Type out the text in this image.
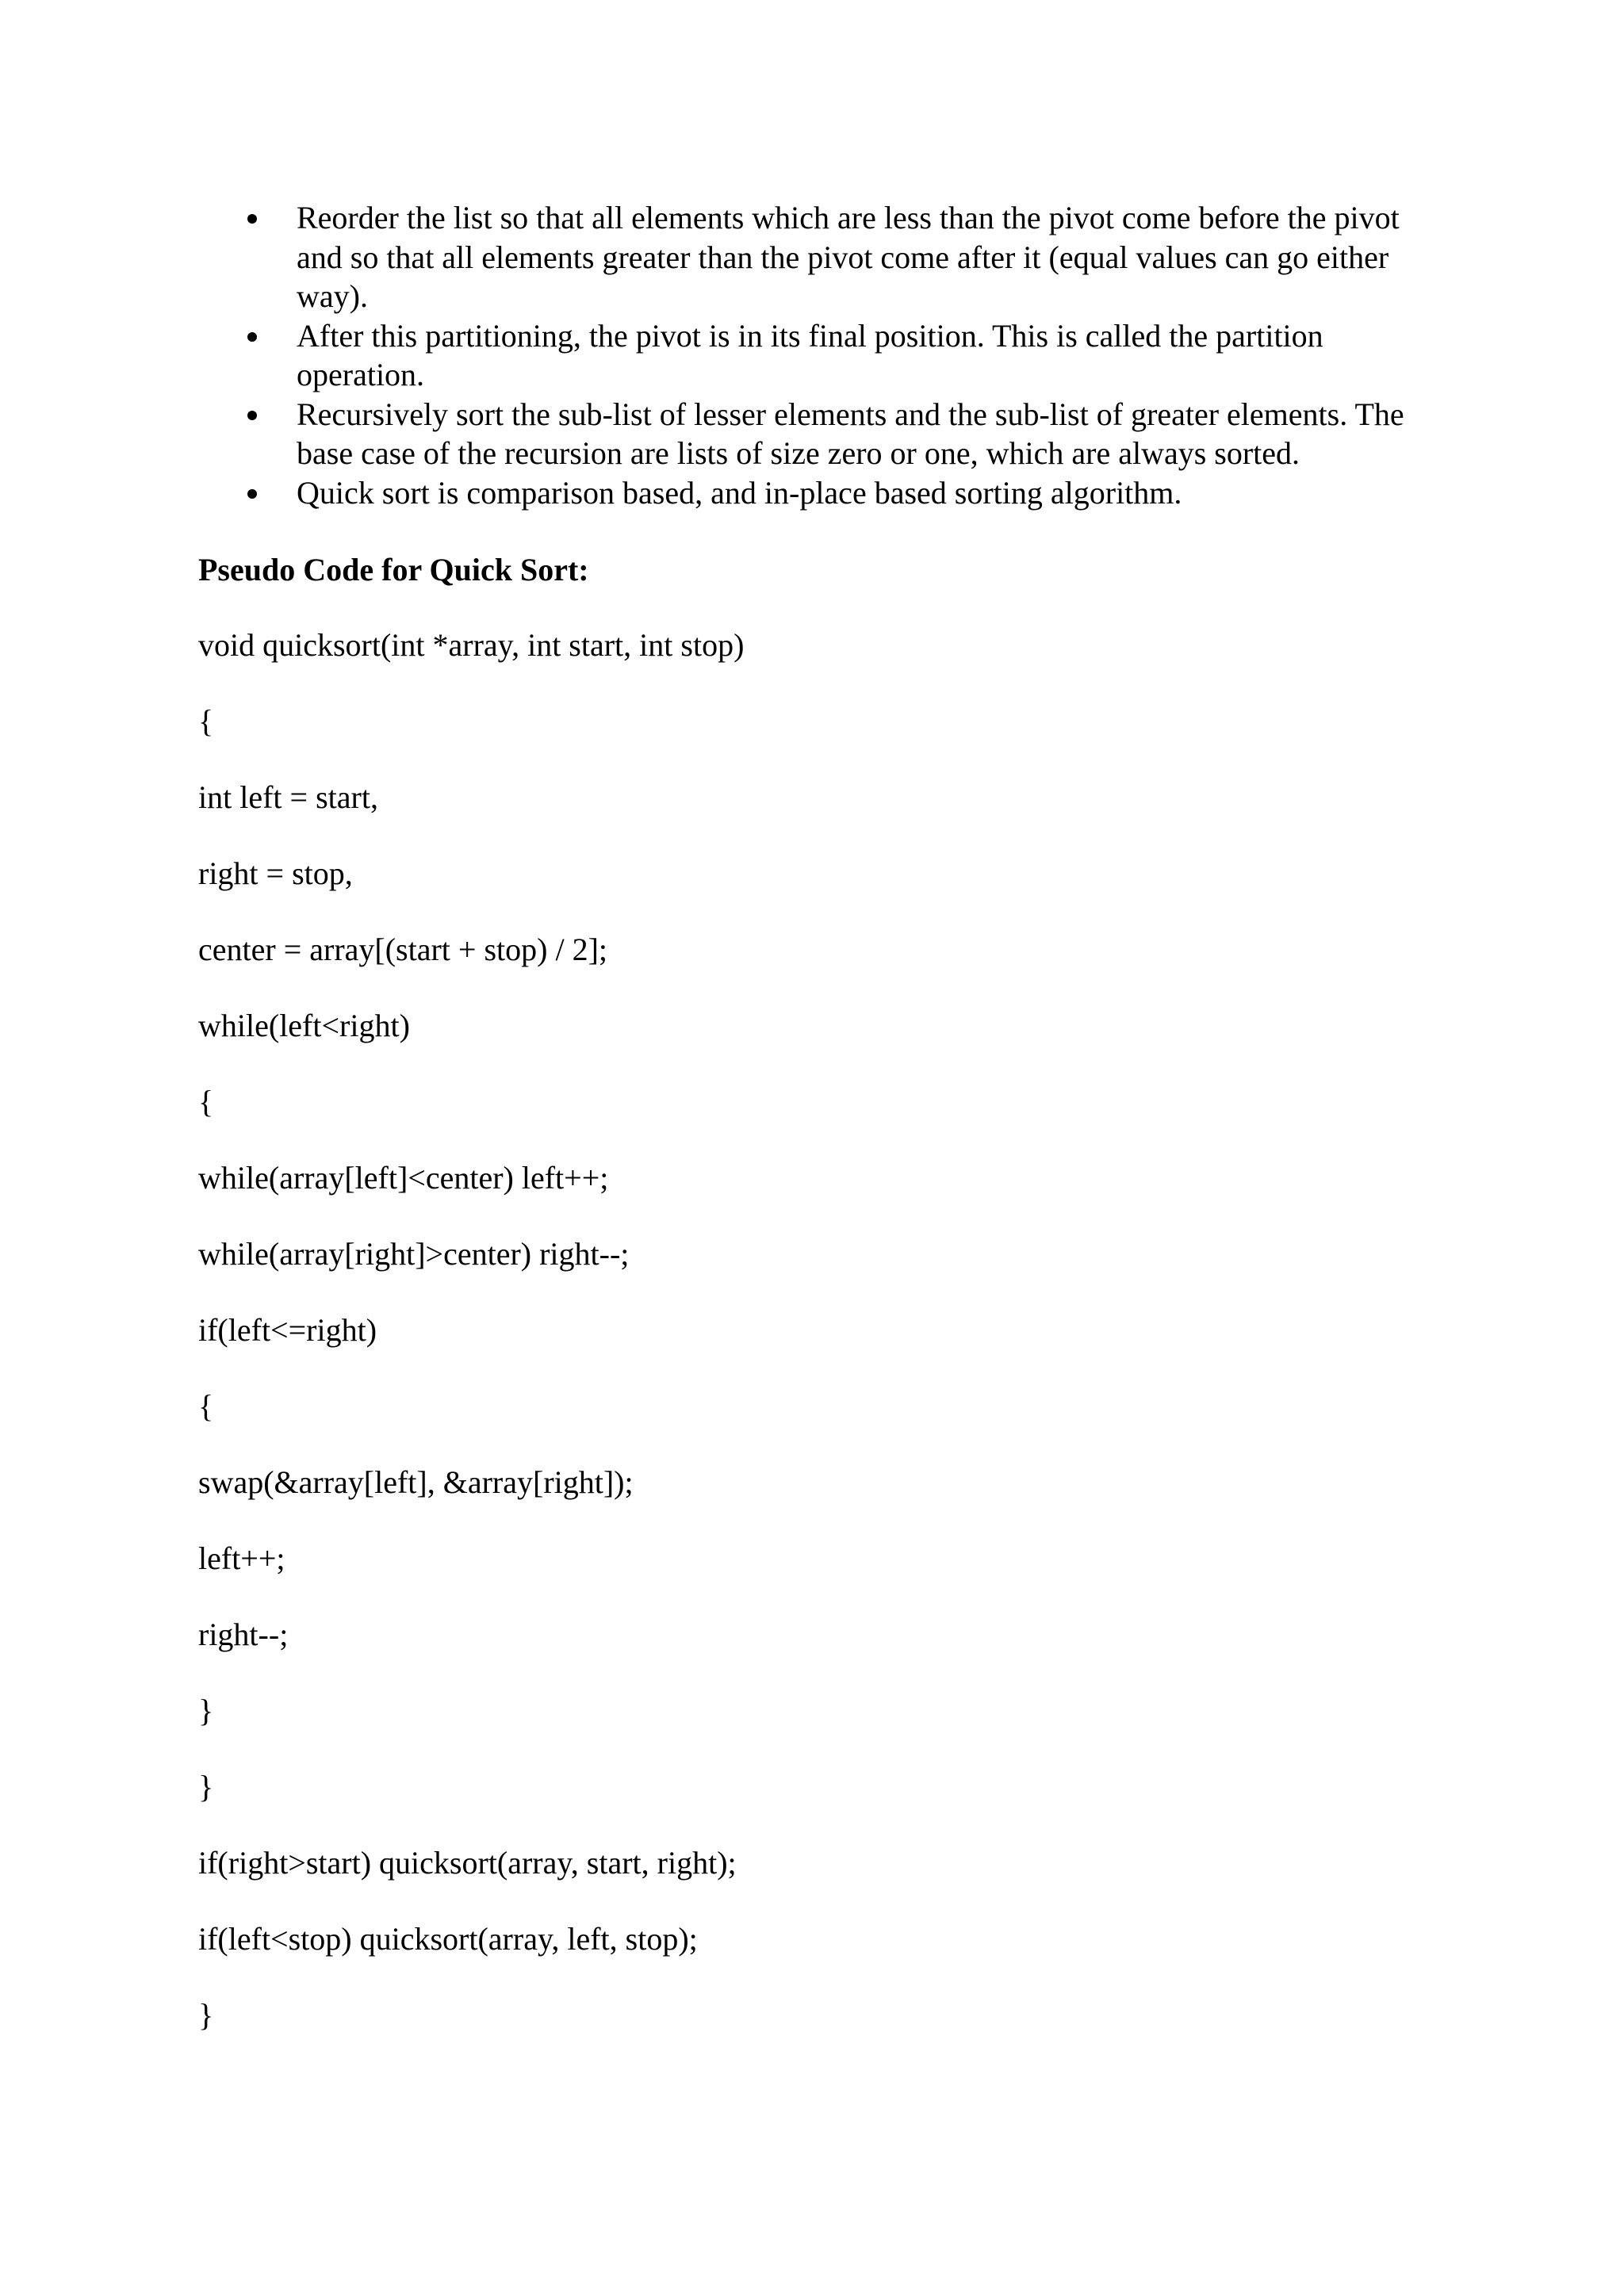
Reorder the list so that all elements which are less than the pivot come before the pivot and so that all elements greater than the pivot come after it (equal values can go either way).
After this partitioning, the pivot is in its final position. This is called the partition operation.
Recursively sort the sub-list of lesser elements and the sub-list of greater elements. The base case of the recursion are lists of size zero or one, which are always sorted.
Quick sort is comparison based, and in-place based sorting algorithm.
Pseudo Code for Quick Sort:
void quicksort(int *array, int start, int stop)
{
int left = start,
right = stop,
center = array[(start + stop) / 2];
while(left<right)
{
while(array[left]<center) left++;
while(array[right]>center) right--;
if(left<=right)
{
swap(&array[left], &array[right]);
left++;
right--;
}
}
if(right>start) quicksort(array, start, right);
if(left<stop) quicksort(array, left, stop);
}
